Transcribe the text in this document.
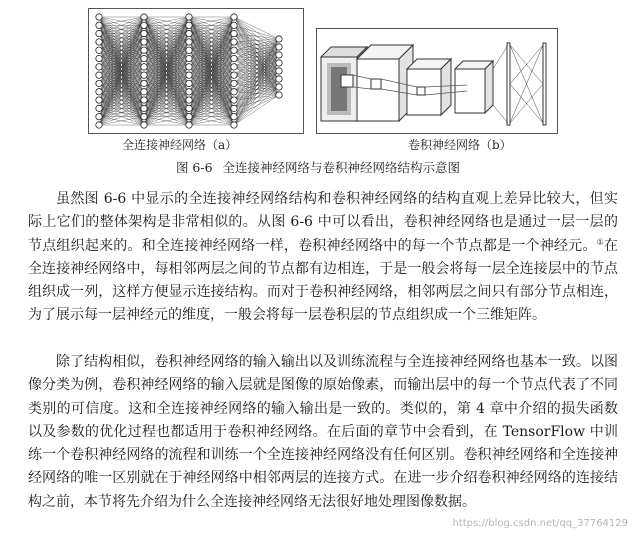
全连接神经网络（a）	卷积神经网络（b）
图 6-6 全连接神经网络与卷积神经网络结构示意图

虽然图 6-6 中显示的全连接神经网络结构和卷积神经网络的结构直观上差异比较大，但实际上它们的整体架构是非常相似的。从图 6-6 中可以看出，卷积神经网络也是通过一层一层的节点组织起来的。和全连接神经网络一样，卷积神经网络中的每一个节点都是一个神经元。①在全连接神经网络中，每相邻两层之间的节点都有边相连，于是一般会将每一层全连接层中的节点组织成一列，这样方便显示连接结构。而对于卷积神经网络，相邻两层之间只有部分节点相连，为了展示每一层神经元的维度，一般会将每一层卷积层的节点组织成一个三维矩阵。

除了结构相似，卷积神经网络的输入输出以及训练流程与全连接神经网络也基本一致。以图像分类为例，卷积神经网络的输入层就是图像的原始像素，而输出层中的每一个节点代表了不同类别的可信度。这和全连接神经网络的输入输出是一致的。类似的，第 4 章中介绍的损失函数以及参数的优化过程也都适用于卷积神经网络。在后面的章节中会看到，在 TensorFlow 中训练一个卷积神经网络的流程和训练一个全连接神经网络没有任何区别。卷积神经网络和全连接神经网络的唯一区别就在于神经网络中相邻两层的连接方式。在进一步介绍卷积神经网络的连接结构之前，本节将先介绍为什么全连接神经网络无法很好地处理图像数据。

https://blog.csdn.net/qq_37764129
